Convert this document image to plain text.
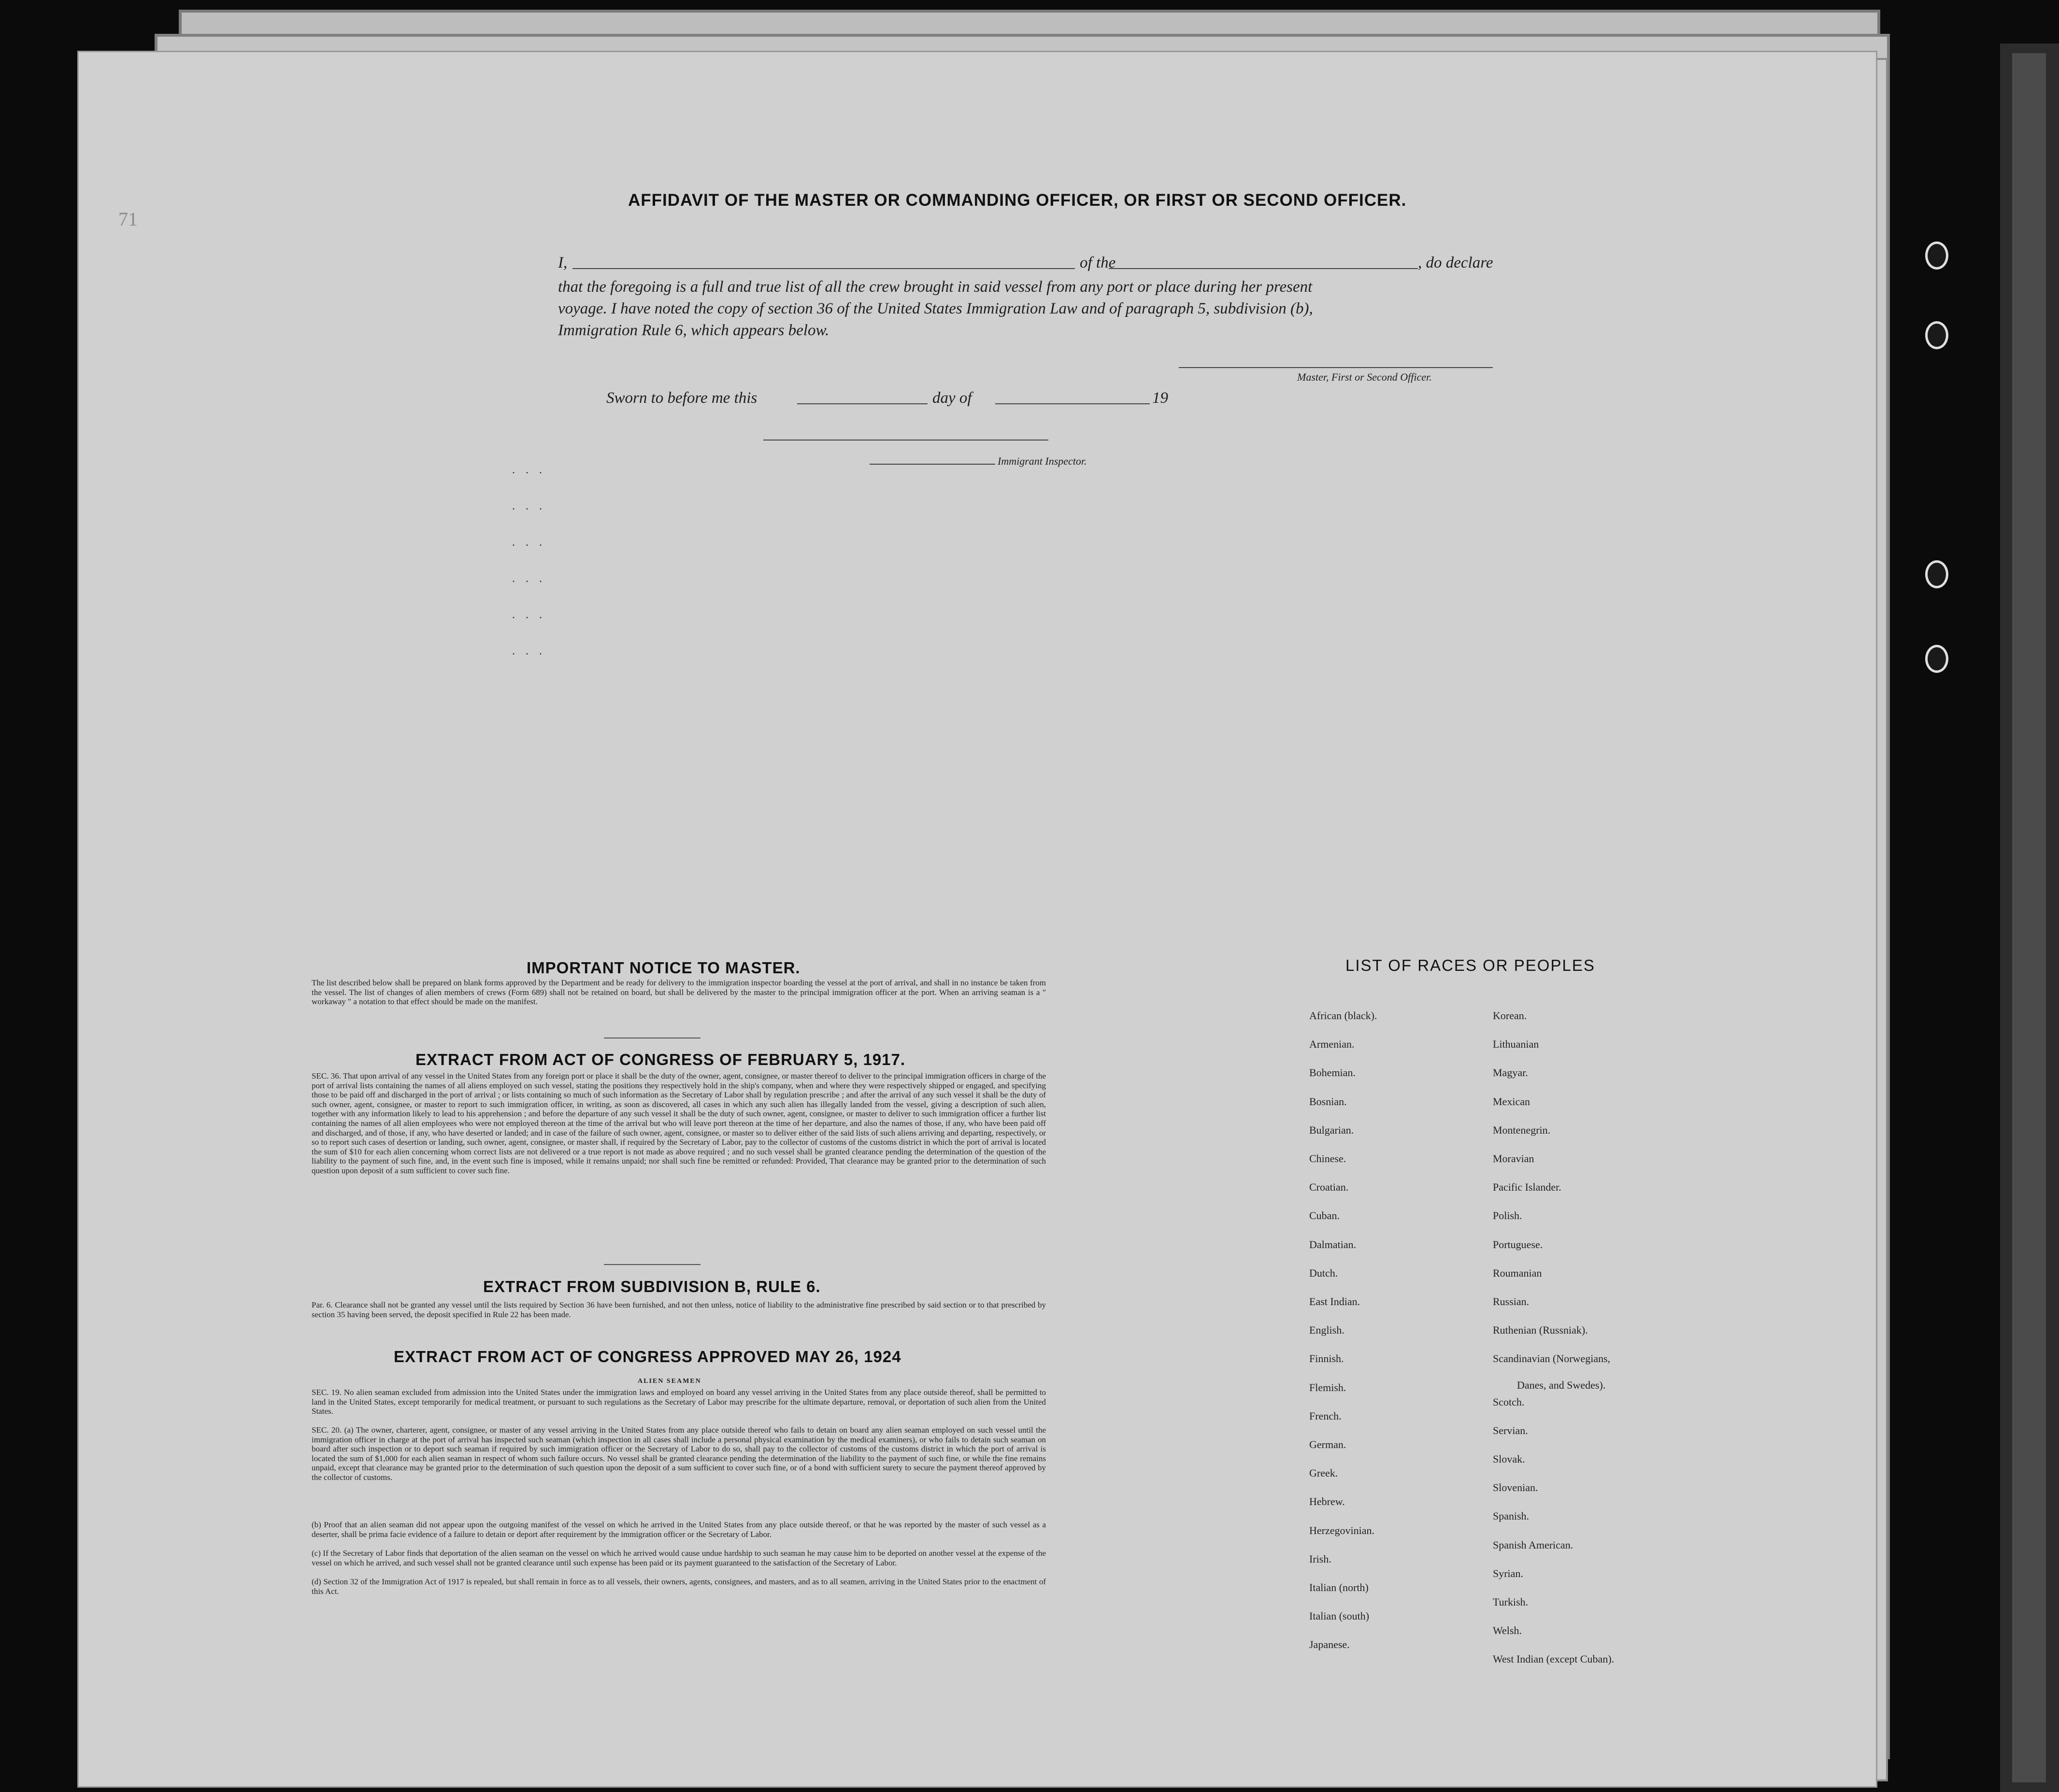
71
AFFIDAVIT OF THE MASTER OR COMMANDING OFFICER, OR FIRST OR SECOND OFFICER.
I,	of the	, do declare
that the foregoing is a full and true list of all the crew brought in said vessel from any port or place during her present
voyage. I have noted the copy of section 36 of the United States Immigration Law and of paragraph 5, subdivision (b),
Immigration Rule 6, which appears below.
Master, First or Second Officer.
Sworn to before me this	day of	19
Immigrant Inspector.
. . .
. . .
. . .
. . .
. . .
. . .
IMPORTANT NOTICE TO MASTER.
The list described below shall be prepared on blank forms approved by the Department and be ready for delivery to the immigration inspector boarding the vessel at the port of arrival, and shall in no instance be taken from the vessel. The list of changes of alien members of crews (Form 689) shall not be retained on board, but shall be delivered by the master to the principal immigration officer at the port. When an arriving seaman is a " workaway " a notation to that effect should be made on the manifest.
EXTRACT FROM ACT OF CONGRESS OF FEBRUARY 5, 1917.
SEC. 36. That upon arrival of any vessel in the United States from any foreign port or place it shall be the duty of the owner, agent, consignee, or master thereof to deliver to the principal immigration officers in charge of the port of arrival lists containing the names of all aliens employed on such vessel, stating the positions they respectively hold in the ship's company, when and where they were respectively shipped or engaged, and specifying those to be paid off and discharged in the port of arrival ; or lists containing so much of such information as the Secretary of Labor shall by regulation prescribe ; and after the arrival of any such vessel it shall be the duty of such owner, agent, consignee, or master to report to such immigration officer, in writing, as soon as discovered, all cases in which any such alien has illegally landed from the vessel, giving a description of such alien, together with any information likely to lead to his apprehension ; and before the departure of any such vessel it shall be the duty of such owner, agent, consignee, or master to deliver to such immigration officer a further list containing the names of all alien employees who were not employed thereon at the time of the arrival but who will leave port thereon at the time of her departure, and also the names of those, if any, who have been paid off and discharged, and of those, if any, who have deserted or landed; and in case of the failure of such owner, agent, consignee, or master so to deliver either of the said lists of such aliens arriving and departing, respectively, or so to report such cases of desertion or landing, such owner, agent, consignee, or master shall, if required by the Secretary of Labor, pay to the collector of customs of the customs district in which the port of arrival is located the sum of $10 for each alien concerning whom correct lists are not delivered or a true report is not made as above required ; and no such vessel shall be granted clearance pending the determination of the question of the liability to the payment of such fine, and, in the event such fine is imposed, while it remains unpaid; nor shall such fine be remitted or refunded: Provided, That clearance may be granted prior to the determination of such question upon deposit of a sum sufficient to cover such fine.
EXTRACT FROM SUBDIVISION B, RULE 6.
Par. 6. Clearance shall not be granted any vessel until the lists required by Section 36 have been furnished, and not then unless, notice of liability to the administrative fine prescribed by said section or to that prescribed by section 35 having been served, the deposit specified in Rule 22 has been made.
EXTRACT FROM ACT OF CONGRESS APPROVED MAY 26, 1924
ALIEN SEAMEN
SEC. 19. No alien seaman excluded from admission into the United States under the immigration laws and employed on board any vessel arriving in the United States from any place outside thereof, shall be permitted to land in the United States, except temporarily for medical treatment, or pursuant to such regulations as the Secretary of Labor may prescribe for the ultimate departure, removal, or deportation of such alien from the United States.
SEC. 20. (a) The owner, charterer, agent, consignee, or master of any vessel arriving in the United States from any place outside thereof who fails to detain on board any alien seaman employed on such vessel until the immigration officer in charge at the port of arrival has inspected such seaman (which inspection in all cases shall include a personal physical examination by the medical examiners), or who fails to detain such seaman on board after such inspection or to deport such seaman if required by such immigration officer or the Secretary of Labor to do so, shall pay to the collector of customs of the customs district in which the port of arrival is located the sum of $1,000 for each alien seaman in respect of whom such failure occurs. No vessel shall be granted clearance pending the determination of the liability to the payment of such fine, or while the fine remains unpaid, except that clearance may be granted prior to the determination of such question upon the deposit of a sum sufficient to cover such fine, or of a bond with sufficient surety to secure the payment thereof approved by the collector of customs.
(b) Proof that an alien seaman did not appear upon the outgoing manifest of the vessel on which he arrived in the United States from any place outside thereof, or that he was reported by the master of such vessel as a deserter, shall be prima facie evidence of a failure to detain or deport after requirement by the immigration officer or the Secretary of Labor.
(c) If the Secretary of Labor finds that deportation of the alien seaman on the vessel on which he arrived would cause undue hardship to such seaman he may cause him to be deported on another vessel at the expense of the vessel on which he arrived, and such vessel shall not be granted clearance until such expense has been paid or its payment guaranteed to the satisfaction of the Secretary of Labor.
(d) Section 32 of the Immigration Act of 1917 is repealed, but shall remain in force as to all vessels, their owners, agents, consignees, and masters, and as to all seamen, arriving in the United States prior to the enactment of this Act.
LIST OF RACES OR PEOPLES
African (black).
Armenian.
Bohemian.
Bosnian.
Bulgarian.
Chinese.
Croatian.
Cuban.
Dalmatian.
Dutch.
East Indian.
English.
Finnish.
Flemish.
French.
German.
Greek.
Hebrew.
Herzegovinian.
Irish.
Italian (north)
Italian (south)
Japanese.
Korean.
Lithuanian
Magyar.
Mexican
Montenegrin.
Moravian
Pacific Islander.
Polish.
Portuguese.
Roumanian
Russian.
Ruthenian (Russniak).
Scandinavian (Norwegians,
Scotch.
Servian.
Slovak.
Slovenian.
Spanish.
Spanish American.
Syrian.
Turkish.
Welsh.
West Indian (except Cuban).
Danes, and Swedes).
